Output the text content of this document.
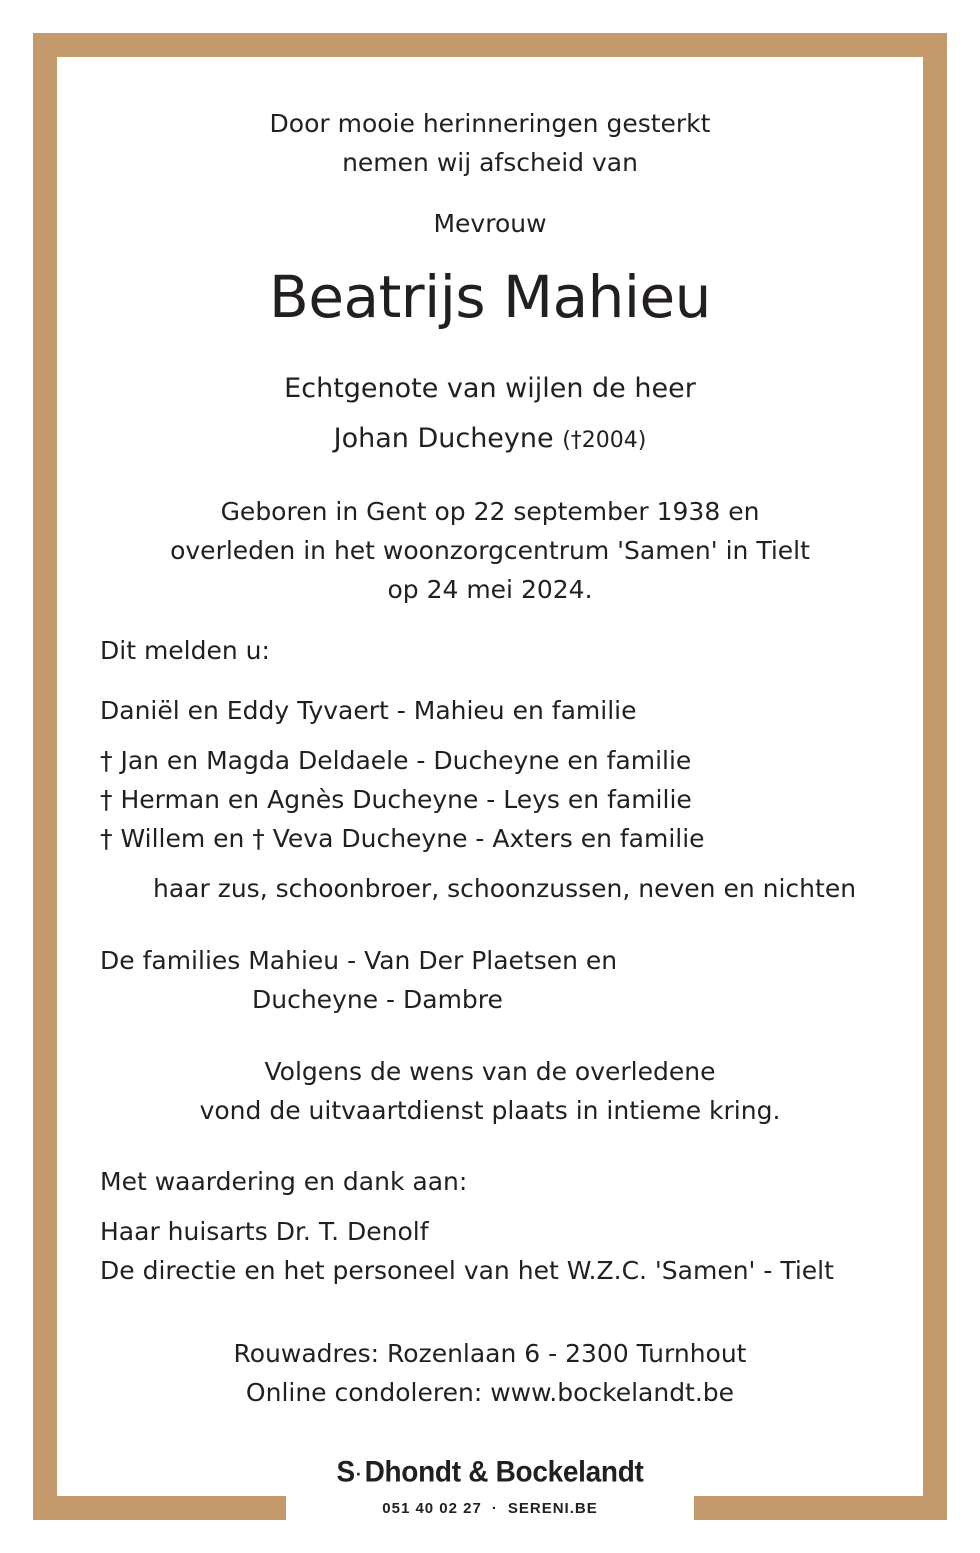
Door mooie herinneringen gesterkt
nemen wij afscheid van
Mevrouw
Beatrijs Mahieu
Echtgenote van wijlen de heer
Johan Ducheyne (†2004)
Geboren in Gent op 22 september 1938 en
overleden in het woonzorgcentrum 'Samen' in Tielt
op 24 mei 2024.
Dit melden u:
Daniël en Eddy Tyvaert - Mahieu en familie
† Jan en Magda Deldaele - Ducheyne en familie
† Herman en Agnès Ducheyne - Leys en familie
† Willem en † Veva Ducheyne - Axters en familie
haar zus, schoonbroer, schoonzussen, neven en nichten
De families Mahieu - Van Der Plaetsen en
Ducheyne - Dambre
Volgens de wens van de overledene
vond de uitvaartdienst plaats in intieme kring.
Met waardering en dank aan:
Haar huisarts Dr. T. Denolf
De directie en het personeel van het W.Z.C. 'Samen' - Tielt
Rouwadres: Rozenlaan 6 - 2300 Turnhout
Online condoleren: www.bockelandt.be
S· Dhondt & Bockelandt
051 40 02 27 · SERENI.BE
